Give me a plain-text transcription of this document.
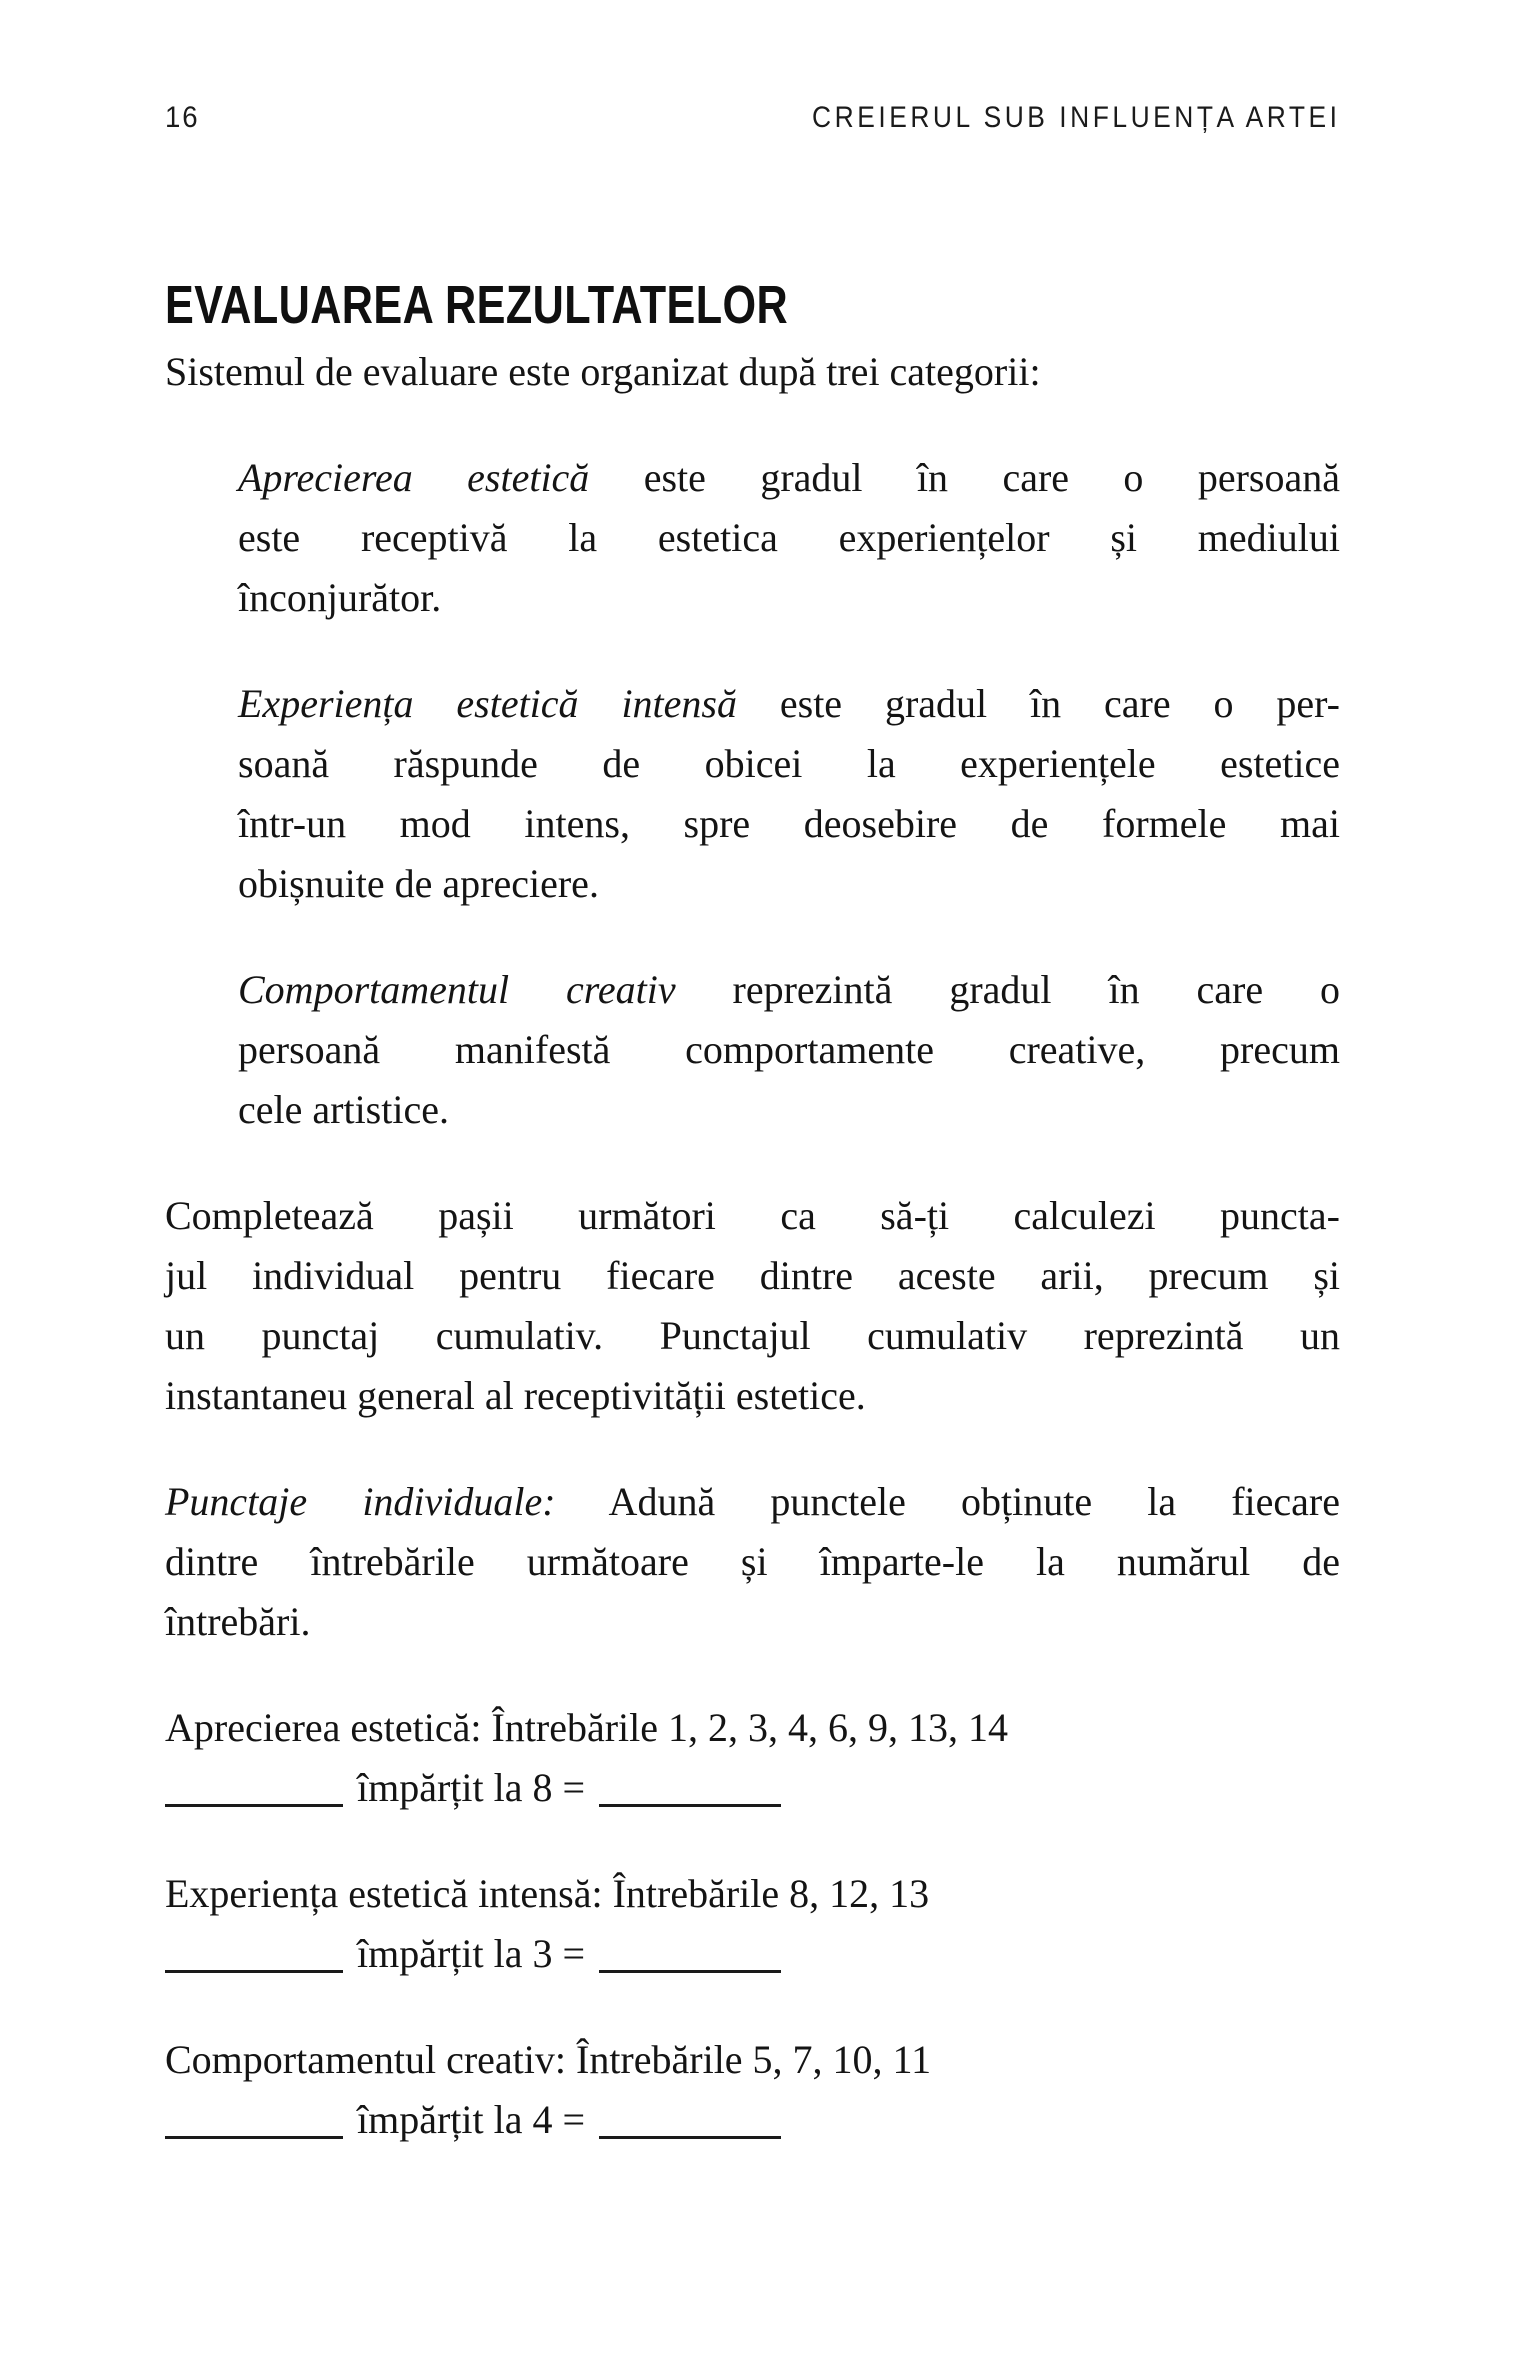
16	CREIERUL SUB INFLUENȚA ARTEI
EVALUAREA REZULTATELOR
Sistemul de evaluare este organizat după trei categorii:
Aprecierea estetică este gradul în care o persoană
este receptivă la estetica experiențelor și mediului
înconjurător.
Experiența estetică intensă este gradul în care o per-
soană răspunde de obicei la experiențele estetice
într-un mod intens, spre deosebire de formele mai
obișnuite de apreciere.
Comportamentul creativ reprezintă gradul în care o
persoană manifestă comportamente creative, precum
cele artistice.
Completează pașii următori ca să-ți calculezi puncta-
jul individual pentru fiecare dintre aceste arii, precum și
un punctaj cumulativ. Punctajul cumulativ reprezintă un
instantaneu general al receptivității estetice.
Punctaje individuale: Adună punctele obținute la fiecare
dintre întrebările următoare și împarte-le la numărul de
întrebări.
Aprecierea estetică: Întrebările 1, 2, 3, 4, 6, 9, 13, 14
împărțit la 8 =
Experiența estetică intensă: Întrebările 8, 12, 13
împărțit la 3 =
Comportamentul creativ: Întrebările 5, 7, 10, 11
împărțit la 4 =
